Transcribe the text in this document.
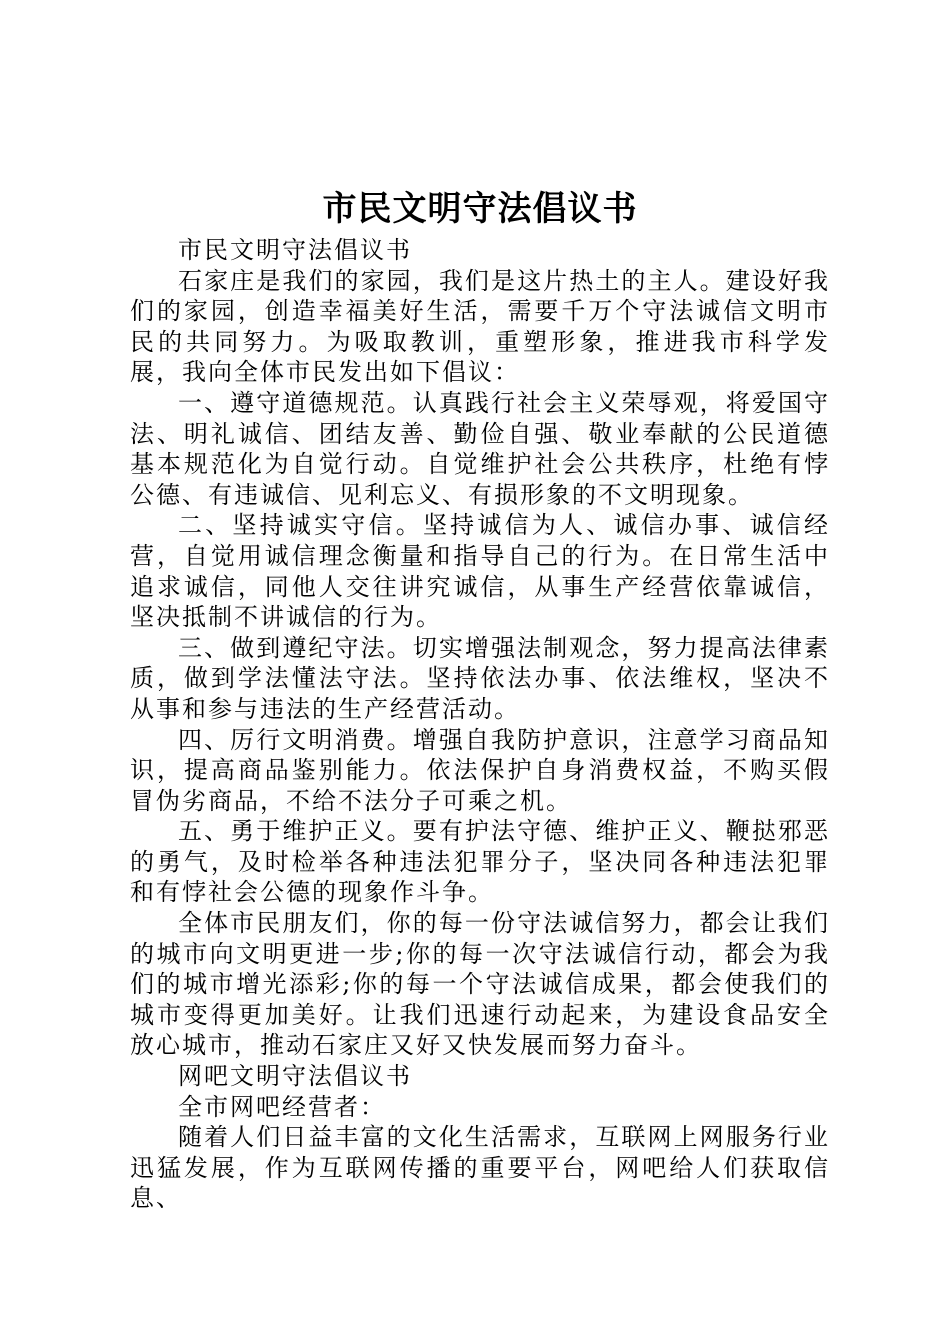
市民文明守法倡议书

市民文明守法倡议书

石家庄是我们的家园，我们是这片热土的主人。建设好我们的家园，创造幸福美好生活，需要千万个守法诚信文明市民的共同努力。为吸取教训，重塑形象，推进我市科学发展，我向全体市民发出如下倡议：

一、遵守道德规范。认真践行社会主义荣辱观，将爱国守法、明礼诚信、团结友善、勤俭自强、敬业奉献的公民道德基本规范化为自觉行动。自觉维护社会公共秩序，杜绝有悖公德、有违诚信、见利忘义、有损形象的不文明现象。

二、坚持诚实守信。坚持诚信为人、诚信办事、诚信经营，自觉用诚信理念衡量和指导自己的行为。在日常生活中追求诚信，同他人交往讲究诚信，从事生产经营依靠诚信，坚决抵制不讲诚信的行为。

三、做到遵纪守法。切实增强法制观念，努力提高法律素质，做到学法懂法守法。坚持依法办事、依法维权，坚决不从事和参与违法的生产经营活动。

四、厉行文明消费。增强自我防护意识，注意学习商品知识，提高商品鉴别能力。依法保护自身消费权益，不购买假冒伪劣商品，不给不法分子可乘之机。

五、勇于维护正义。要有护法守德、维护正义、鞭挞邪恶的勇气，及时检举各种违法犯罪分子，坚决同各种违法犯罪和有悖社会公德的现象作斗争。

全体市民朋友们，你的每一份守法诚信努力，都会让我们的城市向文明更进一步;你的每一次守法诚信行动，都会为我们的城市增光添彩;你的每一个守法诚信成果，都会使我们的城市变得更加美好。让我们迅速行动起来，为建设食品安全放心城市，推动石家庄又好又快发展而努力奋斗。

网吧文明守法倡议书

全市网吧经营者：

随着人们日益丰富的文化生活需求，互联网上网服务行业迅猛发展，作为互联网传播的重要平台，网吧给人们获取信息、
